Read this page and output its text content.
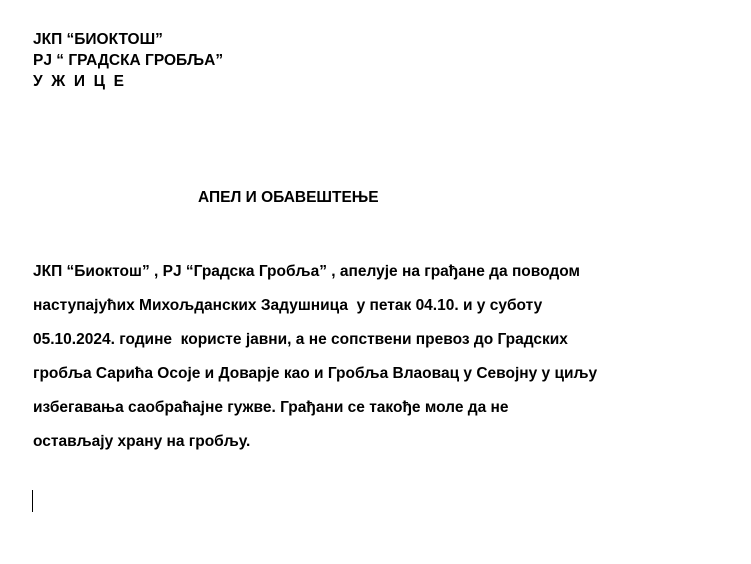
ЈКП “БИОКТОШ”
РЈ “ ГРАДСКА ГРОБЉА”
У  Ж  И  Ц  Е
АПЕЛ И ОБАВЕШТЕЊЕ
ЈКП “Биоктош” , РЈ “Градска Гробља” , апелује на грађане да поводом
наступајућих Михољданских Задушница  у петак 04.10. и у суботу
05.10.2024. године  користе јавни, а не сопствени превоз до Градских
гробља Сарића Осоје и Доварје као и Гробља Влаовац у Севојну у циљу
избегавања саобраћајне гужве. Грађани се такође моле да не
остављају храну на гробљу.
